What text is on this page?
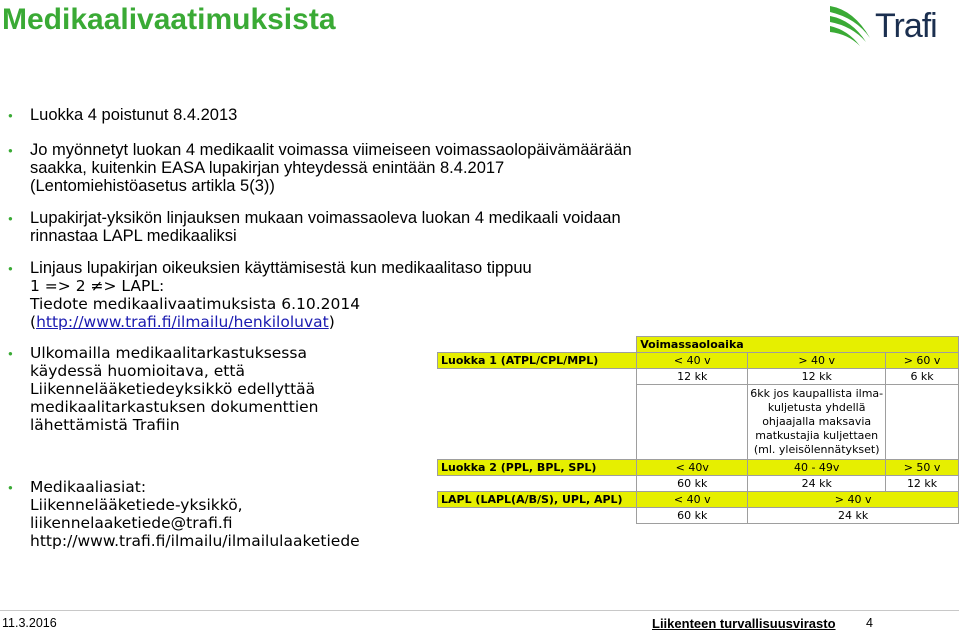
Medikaalivaatimuksista	Trafi
● Luokka 4 poistunut 8.4.2013
● Jo myönnetyt luokan 4 medikaalit voimassa viimeiseen voimassaolopäivämäärään
saakka, kuitenkin EASA lupakirjan yhteydessä enintään 8.4.2017
(Lentomiehistöasetus artikla 5(3))
● Lupakirjat-yksikön linjauksen mukaan voimassaoleva luokan 4 medikaali voidaan
rinnastaa LAPL medikaaliksi
● Linjaus lupakirjan oikeuksien käyttämisestä kun medikaalitaso tippuu
1 => 2 ≠> LAPL:
Tiedote medikaalivaatimuksista 6.10.2014
(http://www.trafi.fi/ilmailu/henkiloluvat)
● Ulkomailla medikaalitarkastuksessa
käydessä huomioitava, että
Liikennelääketiedeyksikkö edellyttää
medikaalitarkastuksen dokumenttien
lähettämistä Trafiin
● Medikaaliasiat:
Liikennelääketiede-yksikkö,
liikennelaaketiede@trafi.fi
http://www.trafi.fi/ilmailu/ilmailulaaketiede
	Voimassaoloaika		
Luokka 1 (ATPL/CPL/MPL)	< 40 v	> 40 v	> 60 v
	12 kk	12 kk	6 kk

		6kk jos kaupallista ilma-
kuljetusta yhdellä
ohjaajalla maksavia
matkustajia kuljettaen
(ml. yleisölennätykset)	

Luokka 2 (PPL, BPL, SPL)	< 40v	40 - 49v	> 50 v
	60 kk	24 kk	12 kk
LAPL (LAPL(A/B/S), UPL, APL)	< 40 v	> 40 v	
	60 kk	24 kk	
11.3.2016	Liikenteen turvallisuusvirasto 4
